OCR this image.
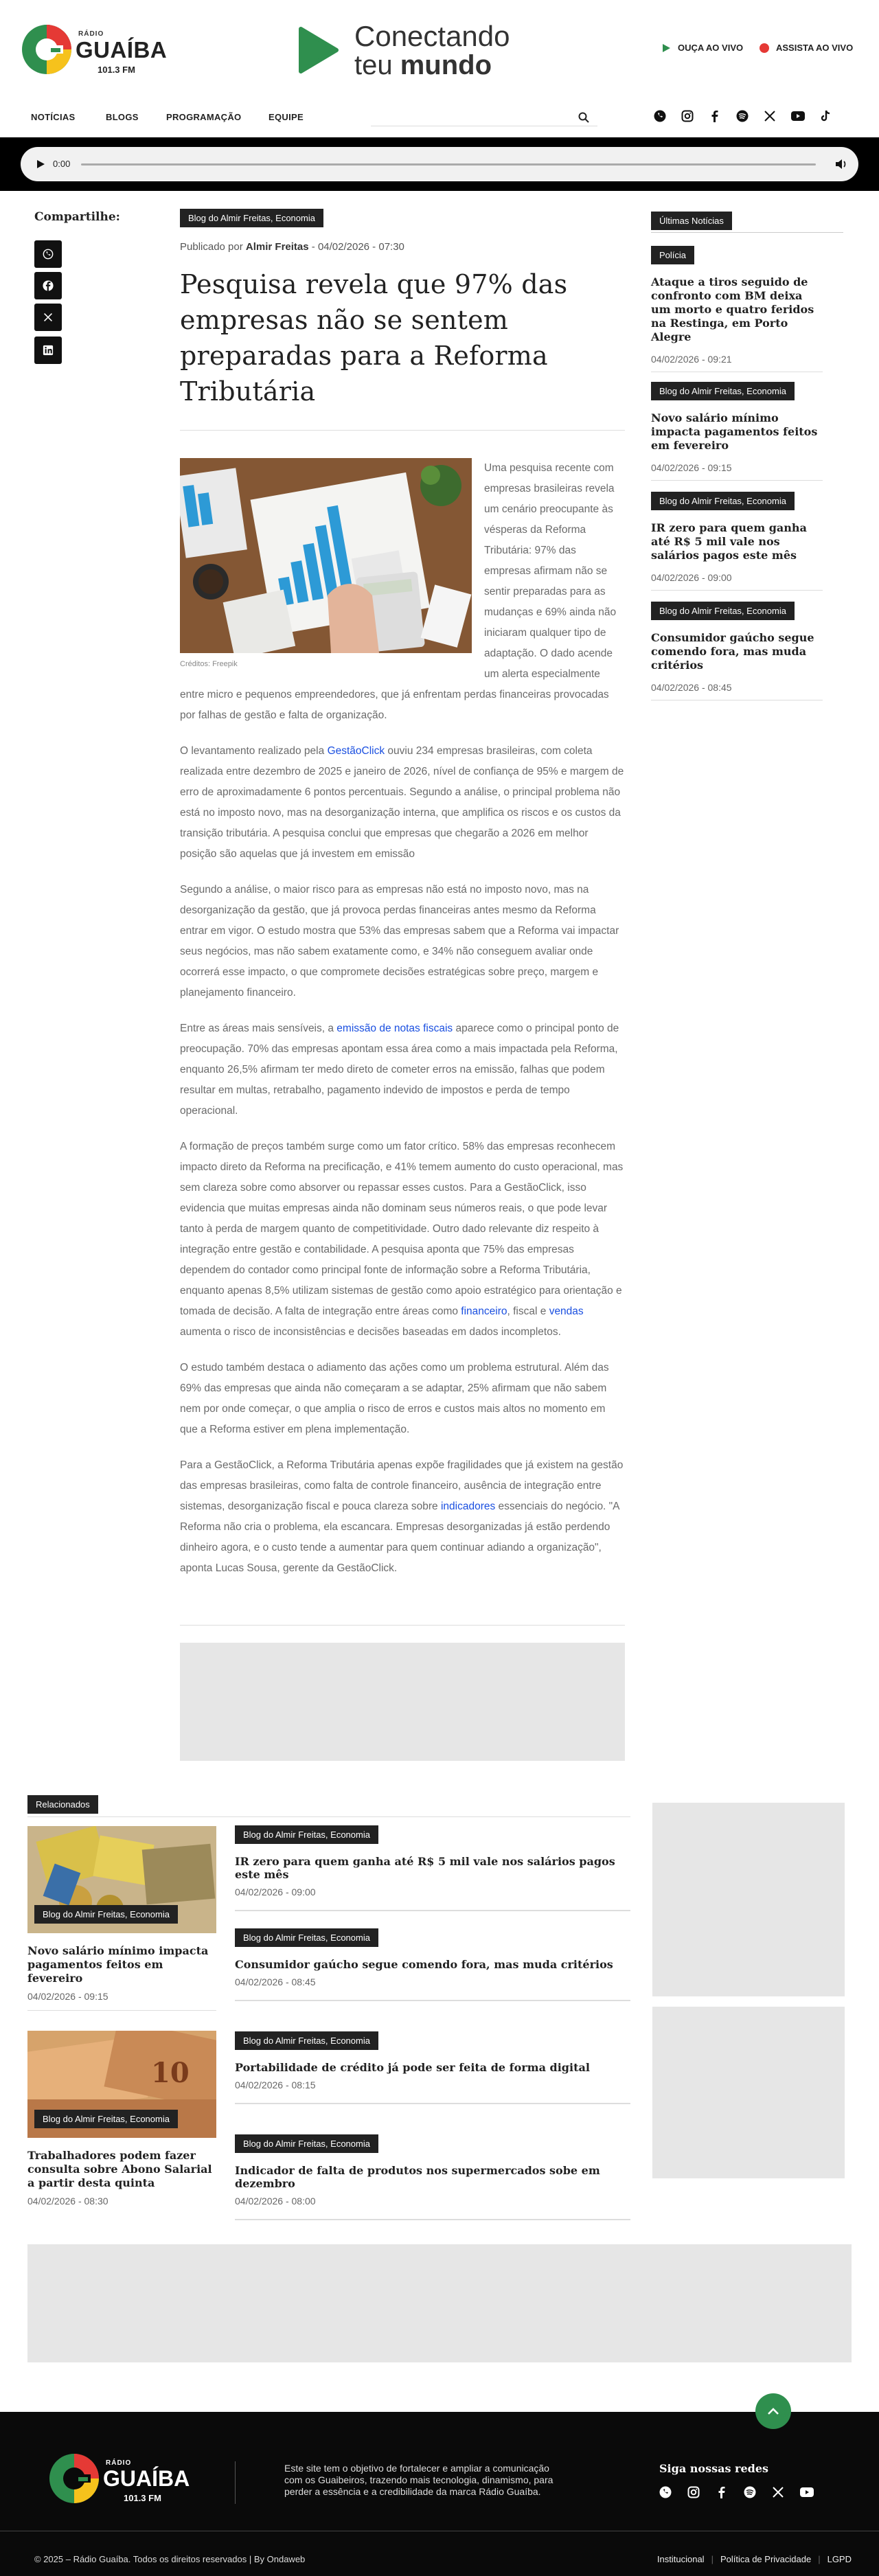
RÁDIO
GUAÍBA
101.3 FM
Conectando
teu mundo
OUÇA AO VIVO	ASSISTA AO VIVO
NOTÍCIAS	BLOGS	PROGRAMAÇÃO	EQUIPE
0:00
Compartilhe:	Blog do Almir Freitas, Economia
Publicado por Almir Freitas - 04/02/2026 - 07:30
Pesquisa revela que 97% das empresas não se sentem preparadas para a Reforma Tributária
Créditos: Freepik

Uma pesquisa recente com empresas brasileiras revela um cenário preocupante às vésperas da Reforma Tributária: 97% das empresas afirmam não se sentir preparadas para as mudanças e 69% ainda não iniciaram qualquer tipo de adaptação. O dado acende um alerta especialmente entre micro e pequenos empreendedores, que já enfrentam perdas financeiras provocadas por falhas de gestão e falta de organização.

O levantamento realizado pela GestãoClick ouviu 234 empresas brasileiras, com coleta realizada entre dezembro de 2025 e janeiro de 2026, nível de confiança de 95% e margem de erro de aproximadamente 6 pontos percentuais. Segundo a análise, o principal problema não está no imposto novo, mas na desorganização interna, que amplifica os riscos e os custos da transição tributária. A pesquisa conclui que empresas que chegarão a 2026 em melhor posição são aquelas que já investem em emissão

Segundo a análise, o maior risco para as empresas não está no imposto novo, mas na desorganização da gestão, que já provoca perdas financeiras antes mesmo da Reforma entrar em vigor. O estudo mostra que 53% das empresas sabem que a Reforma vai impactar seus negócios, mas não sabem exatamente como, e 34% não conseguem avaliar onde ocorrerá esse impacto, o que compromete decisões estratégicas sobre preço, margem e planejamento financeiro.

Entre as áreas mais sensíveis, a emissão de notas fiscais aparece como o principal ponto de preocupação. 70% das empresas apontam essa área como a mais impactada pela Reforma, enquanto 26,5% afirmam ter medo direto de cometer erros na emissão, falhas que podem resultar em multas, retrabalho, pagamento indevido de impostos e perda de tempo operacional.

A formação de preços também surge como um fator crítico. 58% das empresas reconhecem impacto direto da Reforma na precificação, e 41% temem aumento do custo operacional, mas sem clareza sobre como absorver ou repassar esses custos. Para a GestãoClick, isso evidencia que muitas empresas ainda não dominam seus números reais, o que pode levar tanto à perda de margem quanto de competitividade. Outro dado relevante diz respeito à integração entre gestão e contabilidade. A pesquisa aponta que 75% das empresas dependem do contador como principal fonte de informação sobre a Reforma Tributária, enquanto apenas 8,5% utilizam sistemas de gestão como apoio estratégico para orientação e tomada de decisão. A falta de integração entre áreas como financeiro, fiscal e vendas aumenta o risco de inconsistências e decisões baseadas em dados incompletos.

O estudo também destaca o adiamento das ações como um problema estrutural. Além das 69% das empresas que ainda não começaram a se adaptar, 25% afirmam que não sabem nem por onde começar, o que amplia o risco de erros e custos mais altos no momento em que a Reforma estiver em plena implementação.

Para a GestãoClick, a Reforma Tributária apenas expõe fragilidades que já existem na gestão das empresas brasileiras, como falta de controle financeiro, ausência de integração entre sistemas, desorganização fiscal e pouca clareza sobre indicadores essenciais do negócio. "A Reforma não cria o problema, ela escancara. Empresas desorganizadas já estão perdendo dinheiro agora, e o custo tende a aumentar para quem continuar adiando a organização", aponta Lucas Sousa, gerente da GestãoClick.

Últimas Notícias
Polícia
Ataque a tiros seguido de confronto com BM deixa um morto e quatro feridos na Restinga, em Porto Alegre
04/02/2026 - 09:21
Blog do Almir Freitas, Economia
Novo salário mínimo impacta pagamentos feitos em fevereiro
04/02/2026 - 09:15
Blog do Almir Freitas, Economia
IR zero para quem ganha até R$ 5 mil vale nos salários pagos este mês
04/02/2026 - 09:00
Blog do Almir Freitas, Economia
Consumidor gaúcho segue comendo fora, mas muda critérios
04/02/2026 - 08:45
Relacionados
Blog do Almir Freitas, Economia
Novo salário mínimo impacta pagamentos feitos em fevereiro
04/02/2026 - 09:15
10
Blog do Almir Freitas, Economia
Trabalhadores podem fazer consulta sobre Abono Salarial a partir desta quinta
04/02/2026 - 08:30
Blog do Almir Freitas, Economia
IR zero para quem ganha até R$ 5 mil vale nos salários pagos este mês
04/02/2026 - 09:00
Blog do Almir Freitas, Economia
Consumidor gaúcho segue comendo fora, mas muda critérios
04/02/2026 - 08:45
Blog do Almir Freitas, Economia
Portabilidade de crédito já pode ser feita de forma digital
04/02/2026 - 08:15
Blog do Almir Freitas, Economia
Indicador de falta de produtos nos supermercados sobe em dezembro
04/02/2026 - 08:00
RÁDIO
GUAÍBA
101.3 FM
Este site tem o objetivo de fortalecer e ampliar a comunicação com os Guaibeiros, trazendo mais tecnologia, dinamismo, para perder a essência e a credibilidade da marca Rádio Guaíba.
Siga nossas redes
© 2025 – Rádio Guaíba. Todos os direitos reservados | By Ondaweb	Institucional | Política de Privacidade | LGPD
